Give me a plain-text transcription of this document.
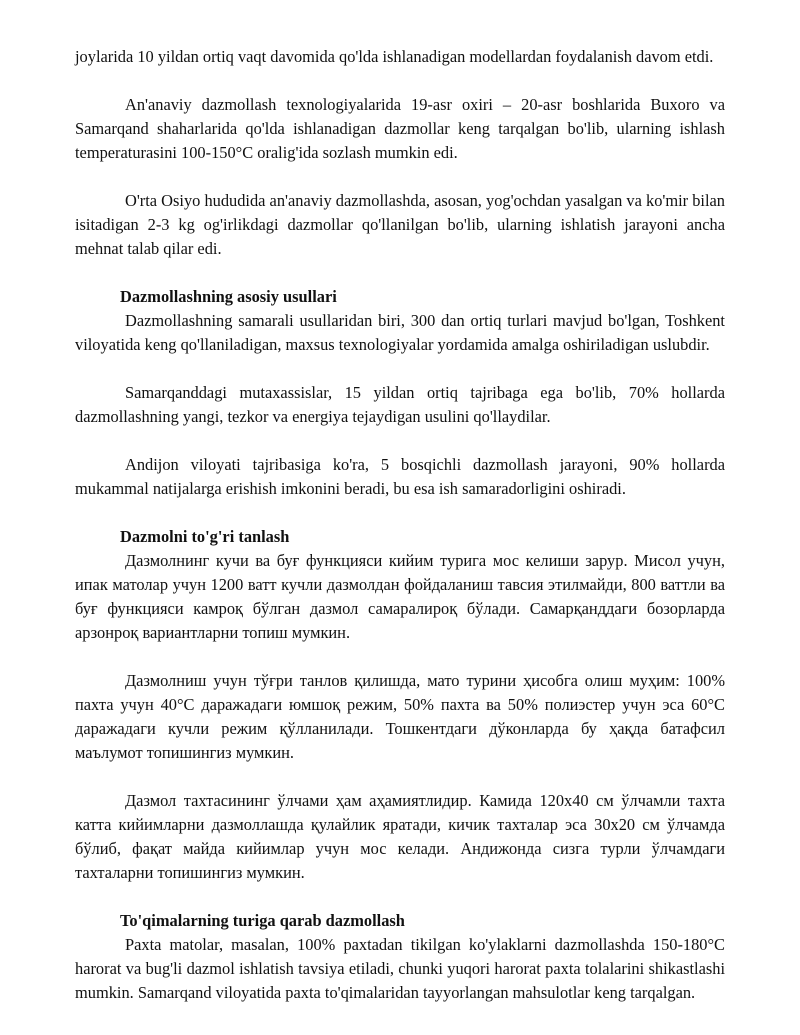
joylarida 10 yildan ortiq vaqt davomida qo'lda ishlanadigan modellardan foydalanish davom etdi.

An'anaviy dazmollash texnologiyalarida 19-asr oxiri – 20-asr boshlarida Buxoro va Samarqand shaharlarida qo'lda ishlanadigan dazmollar keng tarqalgan bo'lib, ularning ishlash temperaturasini 100-150°C oralig'ida sozlash mumkin edi.

O'rta Osiyo hududida an'anaviy dazmollashda, asosan, yog'ochdan yasalgan va ko'mir bilan isitadigan 2-3 kg og'irlikdagi dazmollar qo'llanilgan bo'lib, ularning ishlatish jarayoni ancha mehnat talab qilar edi.

Dazmollashning asosiy usullari

Dazmollashning samarali usullaridan biri, 300 dan ortiq turlari mavjud bo'lgan, Toshkent viloyatida keng qo'llaniladigan, maxsus texnologiyalar yordamida amalga oshiriladigan uslubdir.

Samarqanddagi mutaxassislar, 15 yildan ortiq tajribaga ega bo'lib, 70% hollarda dazmollashning yangi, tezkor va energiya tejaydigan usulini qo'llaydilar.

Andijon viloyati tajribasiga ko'ra, 5 bosqichli dazmollash jarayoni, 90% hollarda mukammal natijalarga erishish imkonini beradi, bu esa ish samaradorligini oshiradi.

Dazmolni to'g'ri tanlash

Дазмолнинг кучи ва буғ функцияси кийим турига мос келиши зарур. Мисол учун, ипак матолар учун 1200 ватт кучли дазмолдан фойдаланиш тавсия этилмайди, 800 ваттли ва буғ функцияси камроқ бўлган дазмол самаралироқ бўлади. Самарқанддаги бозорларда арзонроқ вариантларни топиш мумкин.

Дазмолниш учун тўғри танлов қилишда, мато турини ҳисобга олиш муҳим: 100% пахта учун 40°С даражадаги юмшоқ режим, 50% пахта ва 50% полиэстер учун эса 60°С даражадаги кучли режим қўлланилади. Тошкентдаги дўконларда бу ҳақда батафсил маълумот топишингиз мумкин.

Дазмол тахтасининг ўлчами ҳам аҳамиятлидир. Камида 120x40 см ўлчамли тахта катта кийимларни дазмоллашда қулайлик яратади, кичик тахталар эса 30x20 см ўлчамда бўлиб, фақат майда кийимлар учун мос келади. Андижонда сизга турли ўлчамдаги тахталарни топишингиз мумкин.

To'qimalarning turiga qarab dazmollash

Paxta matolar, masalan, 100% paxtadan tikilgan ko'ylaklarni dazmollashda 150-180°C harorat va bug'li dazmol ishlatish tavsiya etiladi, chunki yuqori harorat paxta tolalarini shikastlashi mumkin. Samarqand viloyatida paxta to'qimalaridan tayyorlangan mahsulotlar keng tarqalgan.
